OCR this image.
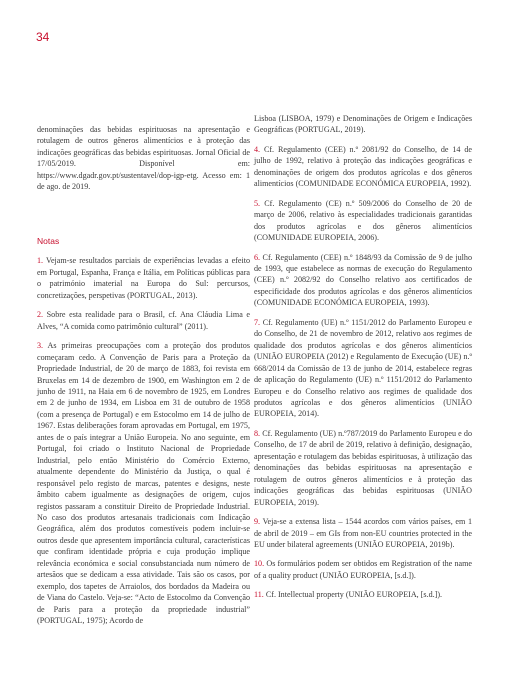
34

denominações das bebidas espirituosas na apresentação e rotulagem de outros gêneros alimentícios e à proteção das indicações geográficas das bebidas espirituosas. Jornal Oficial de 17/05/2019. Disponível em: https://www.dgadr.gov.pt/sustentavel/dop-igp-etg. Acesso em: 1 de ago. de 2019.

Notas

1. Vejam-se resultados parciais de experiências levadas a efeito em Portugal, Espanha, França e Itália, em Políticas públicas para o património imaterial na Europa do Sul: percursos, concretizações, perspetivas (PORTUGAL, 2013).

2. Sobre esta realidade para o Brasil, cf. Ana Cláudia Lima e Alves, “A comida como patrimônio cultural” (2011).

3. As primeiras preocupações com a proteção dos produtos começaram cedo. A Convenção de Paris para a Proteção da Propriedade Industrial, de 20 de março de 1883, foi revista em Bruxelas em 14 de dezembro de 1900, em Washington em 2 de junho de 1911, na Haia em 6 de novembro de 1925, em Londres em 2 de junho de 1934, em Lisboa em 31 de outubro de 1958 (com a presença de Portugal) e em Estocolmo em 14 de julho de 1967. Estas deliberações foram aprovadas em Portugal, em 1975, antes de o país integrar a União Europeia. No ano seguinte, em Portugal, foi criado o Instituto Nacional de Propriedade Industrial, pelo então Ministério do Comércio Externo, atualmente dependente do Ministério da Justiça, o qual é responsável pelo registo de marcas, patentes e designs, neste âmbito cabem igualmente as designações de origem, cujos registos passaram a constituir Direito de Propriedade Industrial. No caso dos produtos artesanais tradicionais com Indicação Geográfica, além dos produtos comestíveis podem incluir-se outros desde que apresentem importância cultural, características que confiram identidade própria e cuja produção implique relevância económica e social consubstanciada num número de artesãos que se dedicam a essa atividade. Tais são os casos, por exemplo, dos tapetes de Arraiolos, dos bordados da Madeira ou de Viana do Castelo. Veja-se: “Acto de Estocolmo da Convenção de Paris para a proteção da propriedade industrial” (PORTUGAL, 1975); Acordo de

Lisboa (LISBOA, 1979) e Denominações de Origem e Indicações Geográficas (PORTUGAL, 2019).

4. Cf. Regulamento (CEE) n.º 2081/92 do Conselho, de 14 de julho de 1992, relativo à proteção das indicações geográficas e denominações de origem dos produtos agrícolas e dos gêneros alimentícios (COMUNIDADE ECONÓMICA EUROPEIA, 1992).

5. Cf. Regulamento (CE) n.º 509/2006 do Conselho de 20 de março de 2006, relativo às especialidades tradicionais garantidas dos produtos agrícolas e dos gêneros alimentícios (COMUNIDADE EUROPEIA, 2006).

6. Cf. Regulamento (CEE) n.º 1848/93 da Comissão de 9 de julho de 1993, que estabelece as normas de execução do Regulamento (CEE) n.º 2082/92 do Conselho relativo aos certificados de especificidade dos produtos agrícolas e dos gêneros alimentícios (COMUNIDADE ECONÓMICA EUROPEIA, 1993).

7. Cf. Regulamento (UE) n.º 1151/2012 do Parlamento Europeu e do Conselho, de 21 de novembro de 2012, relativo aos regimes de qualidade dos produtos agrícolas e dos gêneros alimentícios (UNIÃO EUROPEIA (2012) e Regulamento de Execução (UE) n.º 668/2014 da Comissão de 13 de junho de 2014, estabelece regras de aplicação do Regulamento (UE) n.º 1151/2012 do Parlamento Europeu e do Conselho relativo aos regimes de qualidade dos produtos agrícolas e dos gêneros alimentícios (UNIÃO EUROPEIA, 2014).

8. Cf. Regulamento (UE) n.º787/2019 do Parlamento Europeu e do Conselho, de 17 de abril de 2019, relativo à definição, designação, apresentação e rotulagem das bebidas espirituosas, à utilização das denominações das bebidas espirituosas na apresentação e rotulagem de outros gêneros alimentícios e à proteção das indicações geográficas das bebidas espirituosas (UNIÃO EUROPEIA, 2019).

9. Veja-se a extensa lista – 1544 acordos com vários países, em 1 de abril de 2019 – em GIs from non-EU countries protected in the EU under bilateral agreements (UNIÃO EUROPEIA, 2019b).

10. Os formulários podem ser obtidos em Registration of the name of a quality product (UNIÃO EUROPEIA, [s.d.]).

11. Cf. Intellectual property (UNIÃO EUROPEIA, [s.d.]).
